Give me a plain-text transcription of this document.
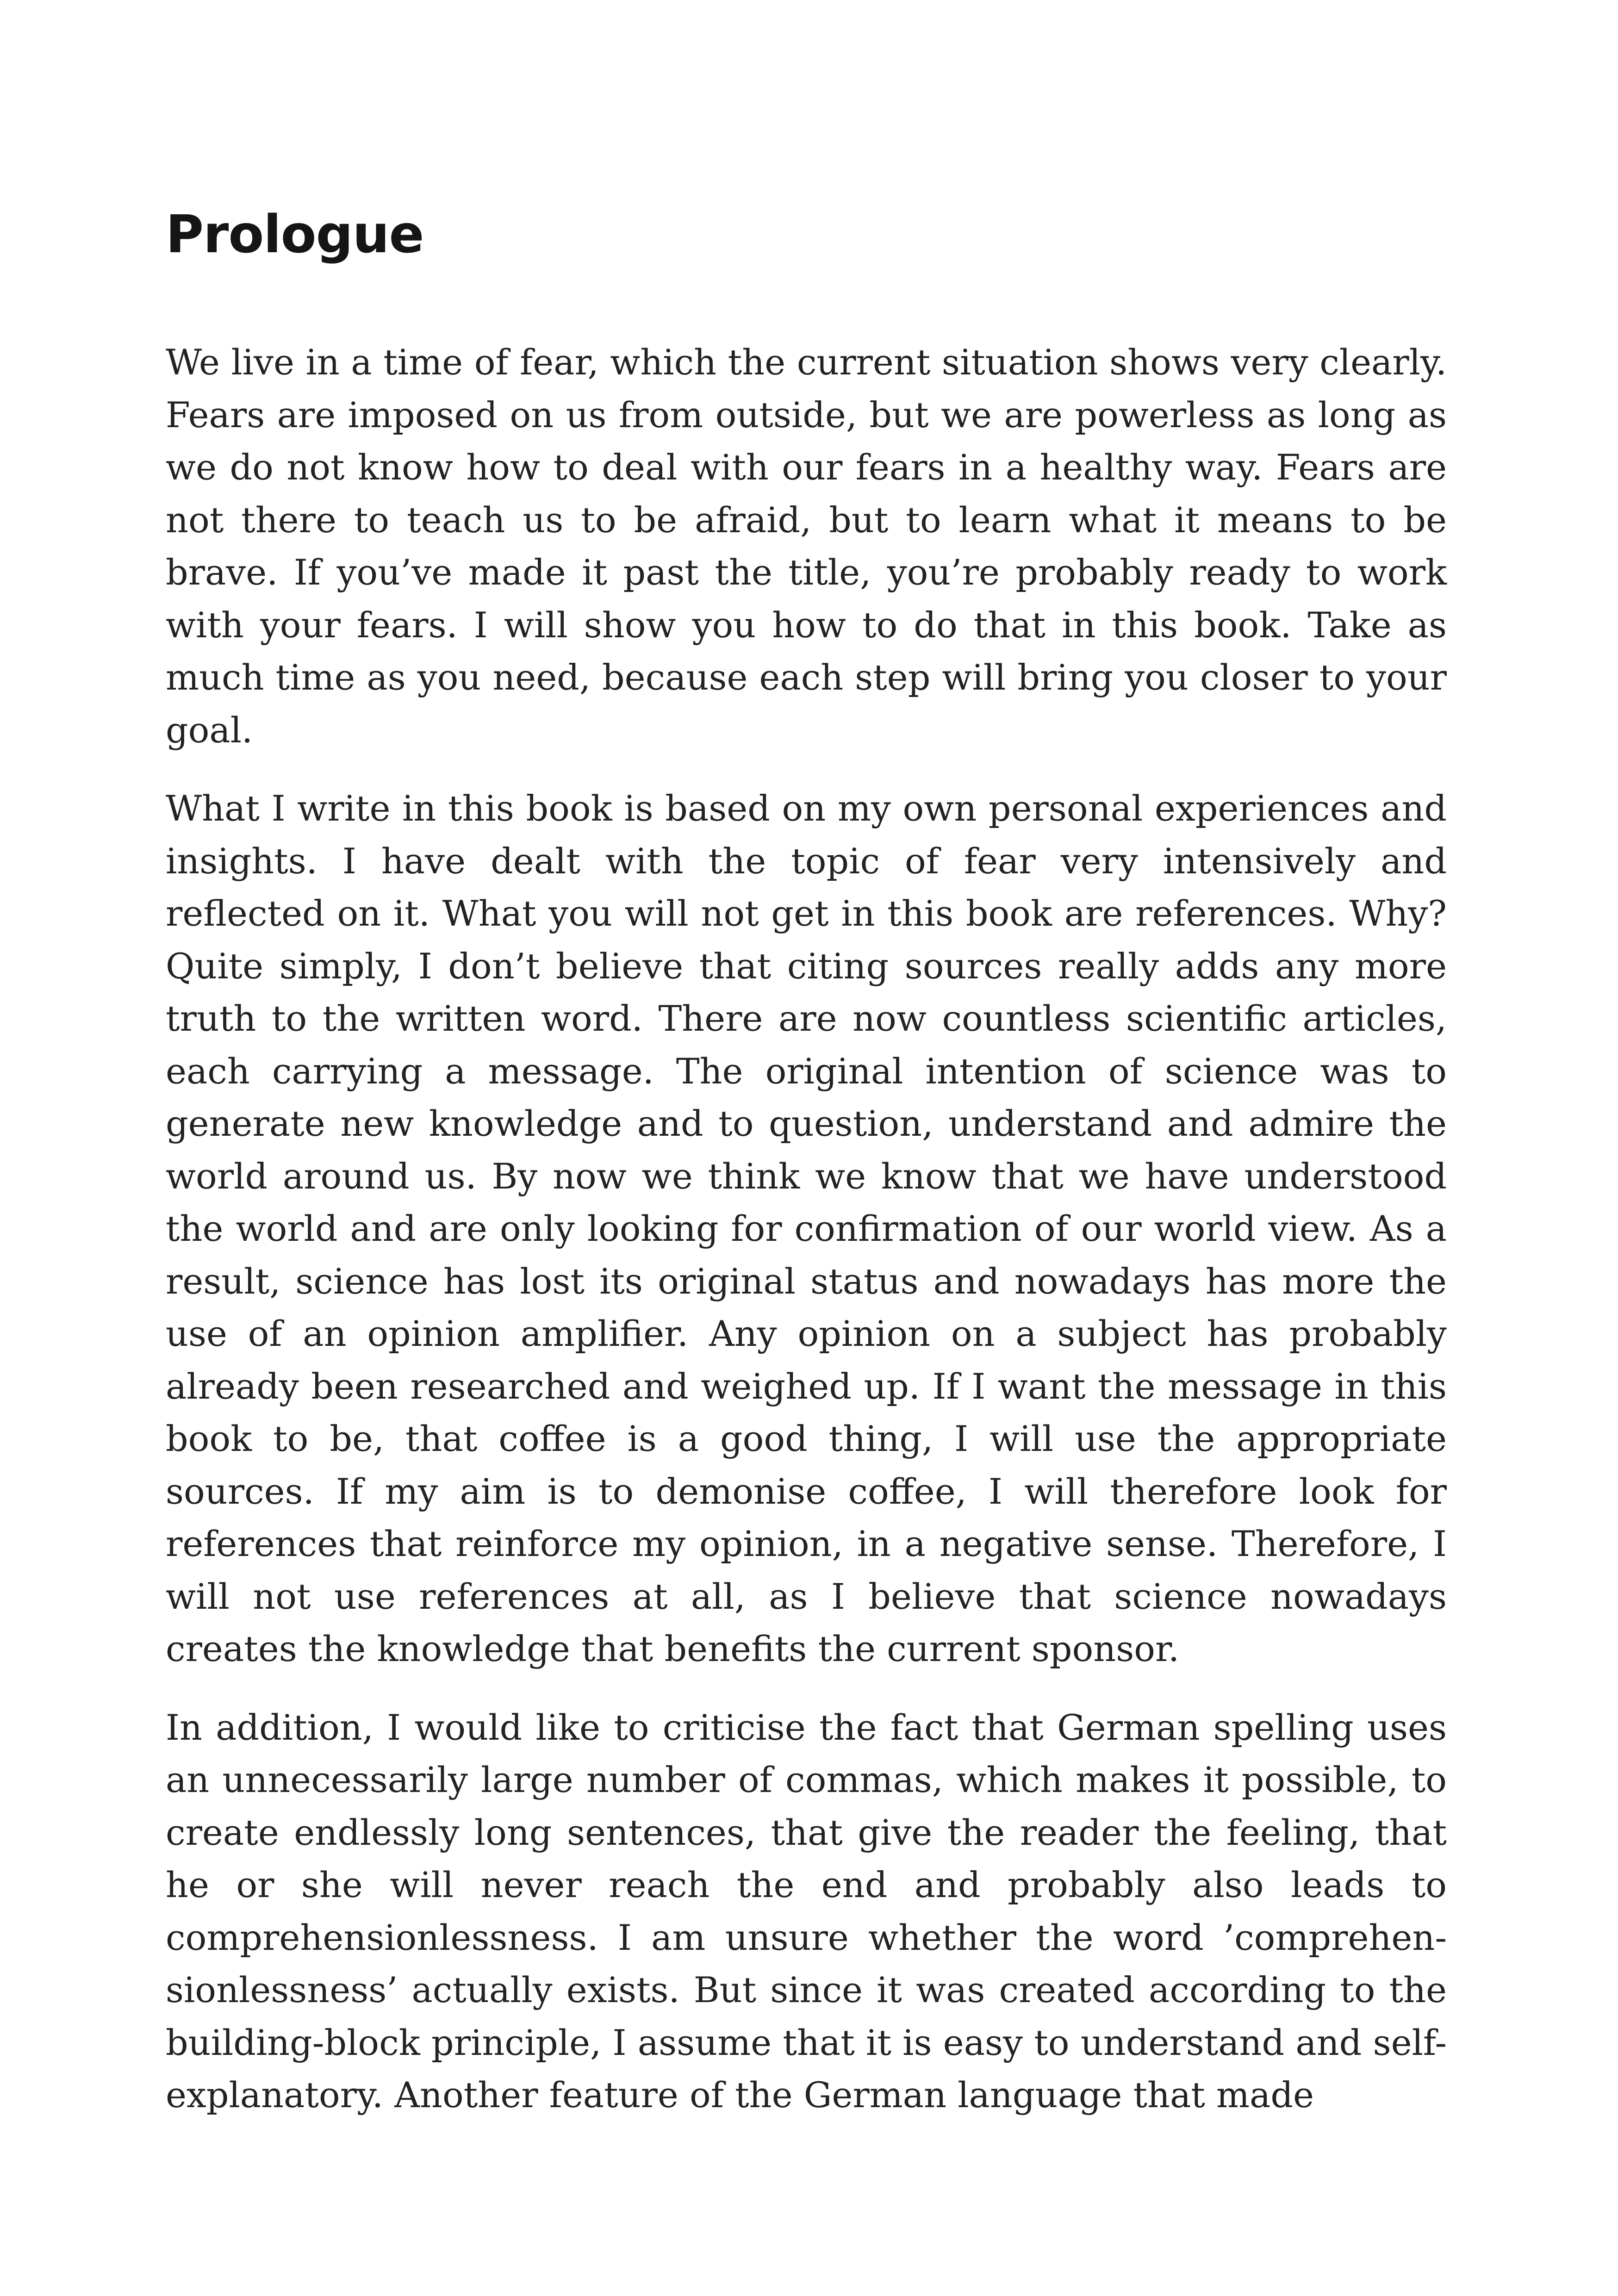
Prologue

We live in a time of fear, which the current situation shows very clearly. Fears are imposed on us from outside, but we are powerless as long as we do not know how to deal with our fears in a healthy way. Fears are not there to teach us to be afraid, but to learn what it means to be brave. If you’ve made it past the title, you’re probably ready to work with your fears. I will show you how to do that in this book. Take as much time as you need, because each step will bring you closer to your goal.

What I write in this book is based on my own personal experiences and insights. I have dealt with the topic of fear very intensively and reflected on it. What you will not get in this book are references. Why? Quite simply, I don’t believe that citing sources really adds any more truth to the written word. There are now countless scientific articles, each carrying a message. The original intention of science was to generate new knowledge and to question, understand and admire the world around us. By now we think we know that we have understood the world and are only looking for confirmation of our world view. As a result, science has lost its original status and nowadays has more the use of an opinion amplifier. Any opinion on a subject has probably already been researched and weighed up. If I want the message in this book to be, that coffee is a good thing, I will use the appropriate sources. If my aim is to demonise coffee, I will therefore look for references that reinforce my opinion, in a negative sense. Therefore, I will not use references at all, as I believe that science nowadays creates the knowledge that benefits the current sponsor.

In addition, I would like to criticise the fact that German spelling uses an unnecessarily large number of commas, which makes it possible, to create endlessly long sentences, that give the reader the feeling, that he or she will never reach the end and probably also leads to comprehensionlessness. I am unsure whether the word ’comprehensionlessness’ actually exists. But since it was created according to the building-block principle, I assume that it is easy to understand and self-explanatory. Another feature of the German language that made
